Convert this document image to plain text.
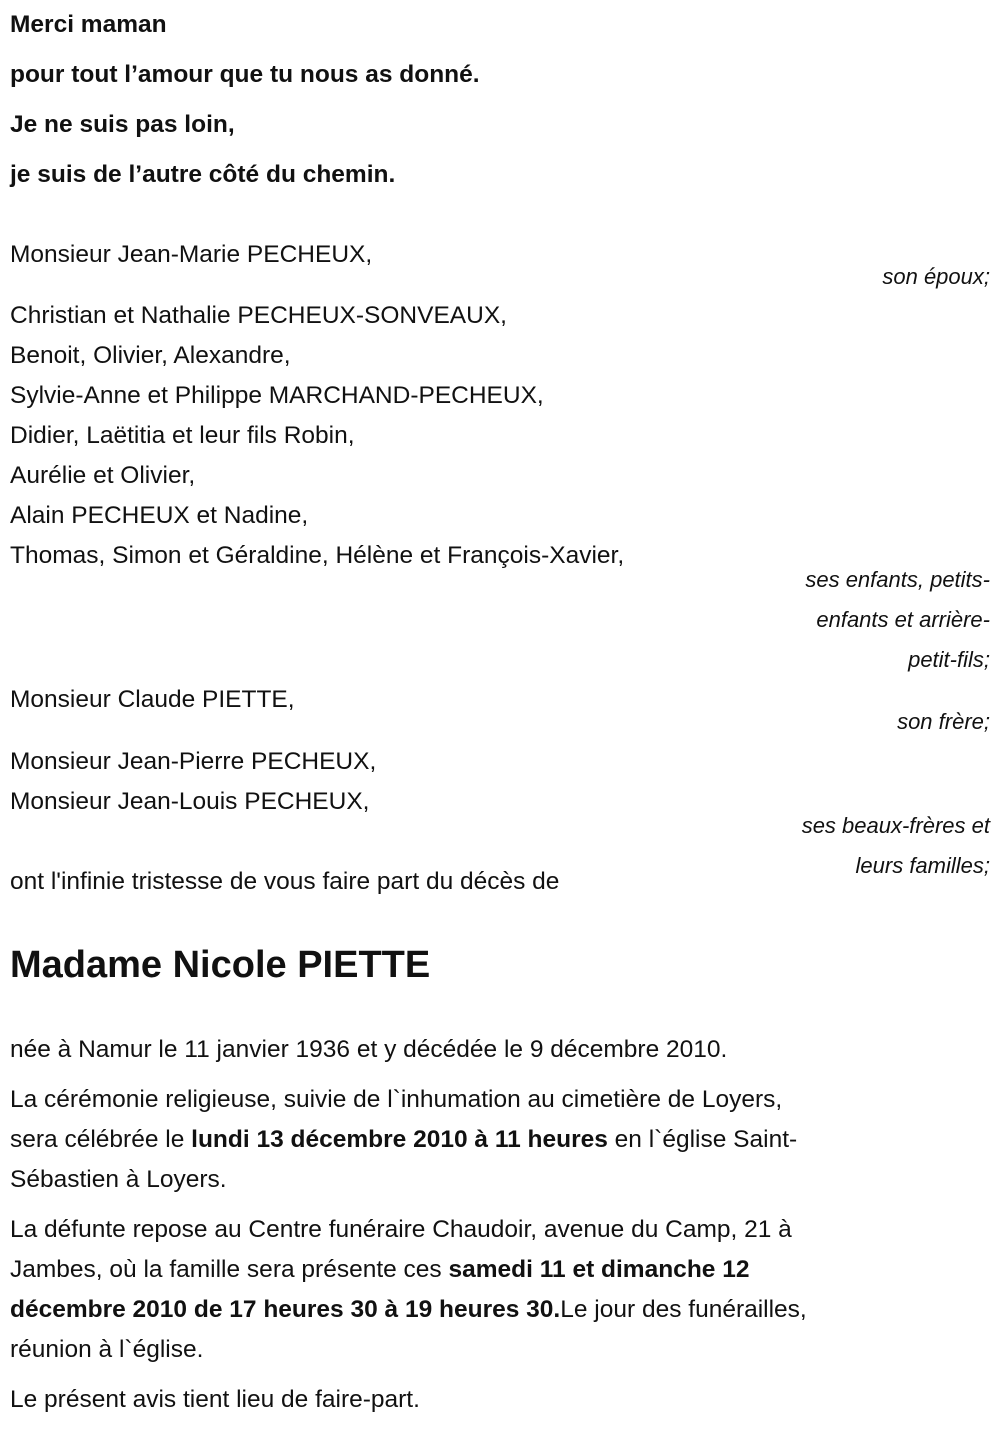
Merci maman
pour tout l’amour que tu nous as donné.
Je ne suis pas loin,
je suis de l’autre côté du chemin.
Monsieur Jean-Marie PECHEUX,
son époux;
Christian et Nathalie PECHEUX-SONVEAUX,
Benoit, Olivier, Alexandre,
Sylvie-Anne et Philippe MARCHAND-PECHEUX,
Didier, Laëtitia et leur fils Robin,
Aurélie et Olivier,
Alain PECHEUX et Nadine,
Thomas, Simon et Géraldine, Hélène et François-Xavier,
ses enfants, petits-
enfants et arrière-
petit-fils;
Monsieur Claude PIETTE,
son frère;
Monsieur Jean-Pierre PECHEUX,
Monsieur Jean-Louis PECHEUX,
ses beaux-frères et
leurs familles;
ont l'infinie tristesse de vous faire part du décès de
Madame Nicole PIETTE
née à Namur le 11 janvier 1936 et y décédée le 9 décembre 2010.
La cérémonie religieuse, suivie de l`inhumation au cimetière de Loyers,
sera célébrée le lundi 13 décembre 2010 à 11 heures en l`église Saint-
Sébastien à Loyers.
La défunte repose au Centre funéraire Chaudoir, avenue du Camp, 21 à
Jambes, où la famille sera présente ces samedi 11 et dimanche 12
décembre 2010 de 17 heures 30 à 19 heures 30.Le jour des funérailles,
réunion à l`église.
Le présent avis tient lieu de faire-part.
